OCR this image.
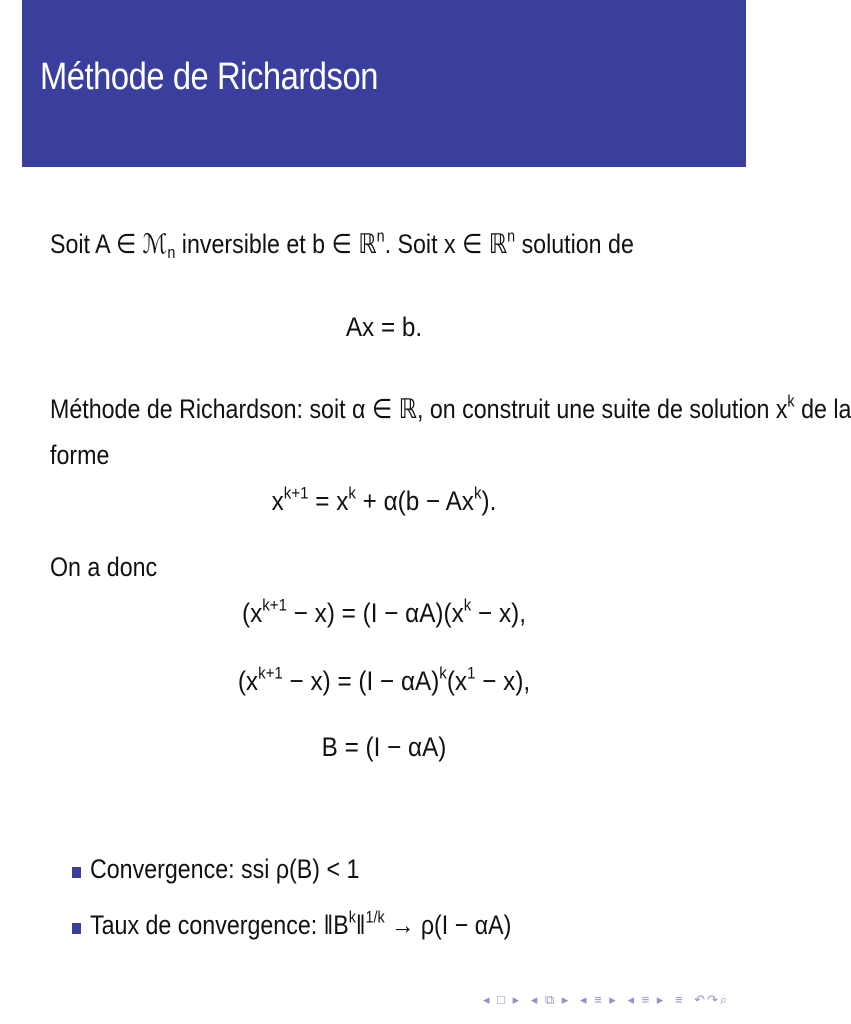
Méthode de Richardson
Soit A ∈ ℳ$_n$ inversible et b ∈ ℝ$^n$. Soit x ∈ ℝ$^n$ solution de
Ax = b.
Méthode de Richardson: soit α ∈ ℝ, on construit une suite de solution $x^k$ de la
forme
$x^{k+1} = x^k + \alpha(b - Ax^k)$.
On a donc
$(x^{k+1} - x) = (I - \alpha A)(x^k - x)$,
$(x^{k+1} - x) = (I - \alpha A)^k(x^1 - x)$,
B = (I − αA)
Convergence: ssi ρ(B) < 1
Taux de convergence: $‖B^k‖^{1/k} \to \rho(I - \alpha A)$
◂ □ ▸ ◂ ⧉ ▸ ◂ ≡ ▸ ◂ ≡ ▸ ≡ ↶↷⌕
